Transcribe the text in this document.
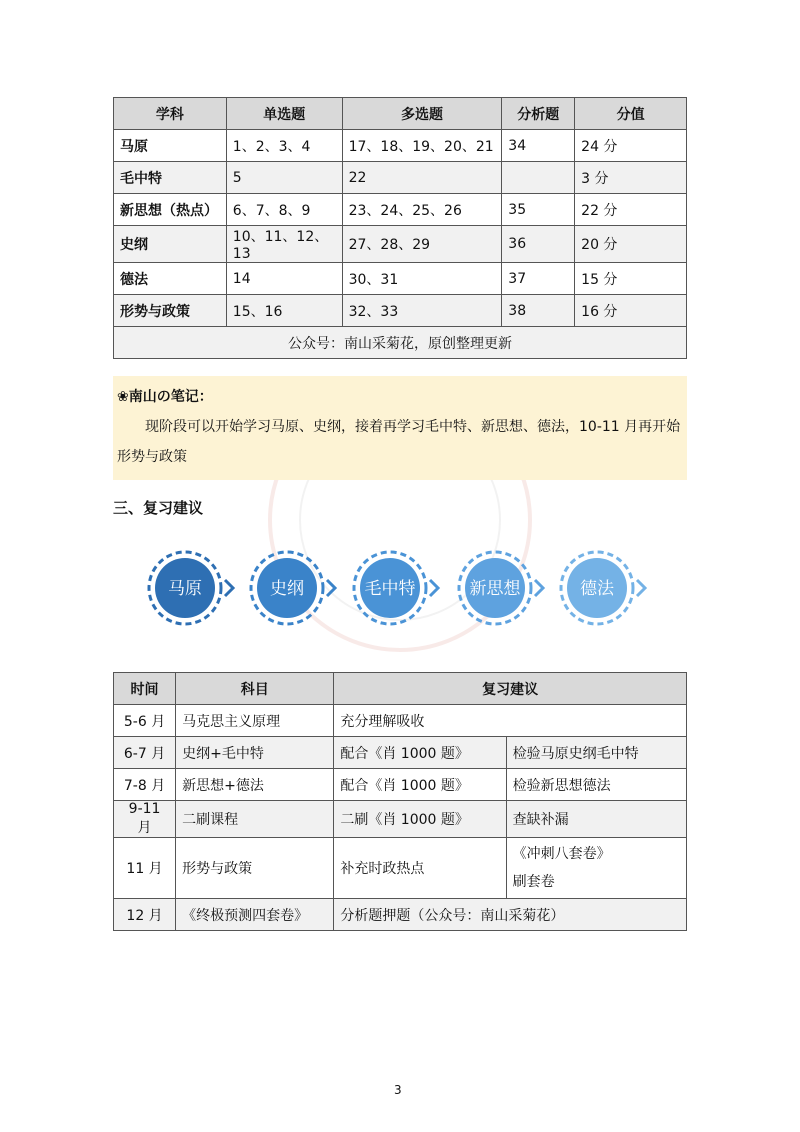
学科	单选题	多选题	分析题	分值
马原	1、2、3、4	17、18、19、20、21	34	24 分
毛中特	5	22		3 分
新思想（热点）	6、7、8、9	23、24、25、26	35	22 分
史纲	10、11、12、13	27、28、29	36	20 分
德法	14	30、31	37	15 分
形势与政策	15、16	32、33	38	16 分
公众号：南山采菊花，原创整理更新				
❀南山の笔记：
现阶段可以开始学习马原、史纲，接着再学习毛中特、新思想、德法，10-11 月再开始形势与政策
三、复习建议
马原	史纲	毛中特	新思想	德法
时间	科目	复习建议	
5-6 月	马克思主义原理	充分理解吸收	
6-7 月	史纲+毛中特	配合《肖 1000 题》	检验马原史纲毛中特
7-8 月	新思想+德法	配合《肖 1000 题》	检验新思想德法
9-11 月	二刷课程	二刷《肖 1000 题》	查缺补漏
11 月	形势与政策	补充时政热点	《冲刺八套卷》
刷套卷

12 月	《终极预测四套卷》	分析题押题（公众号：南山采菊花）	
3
